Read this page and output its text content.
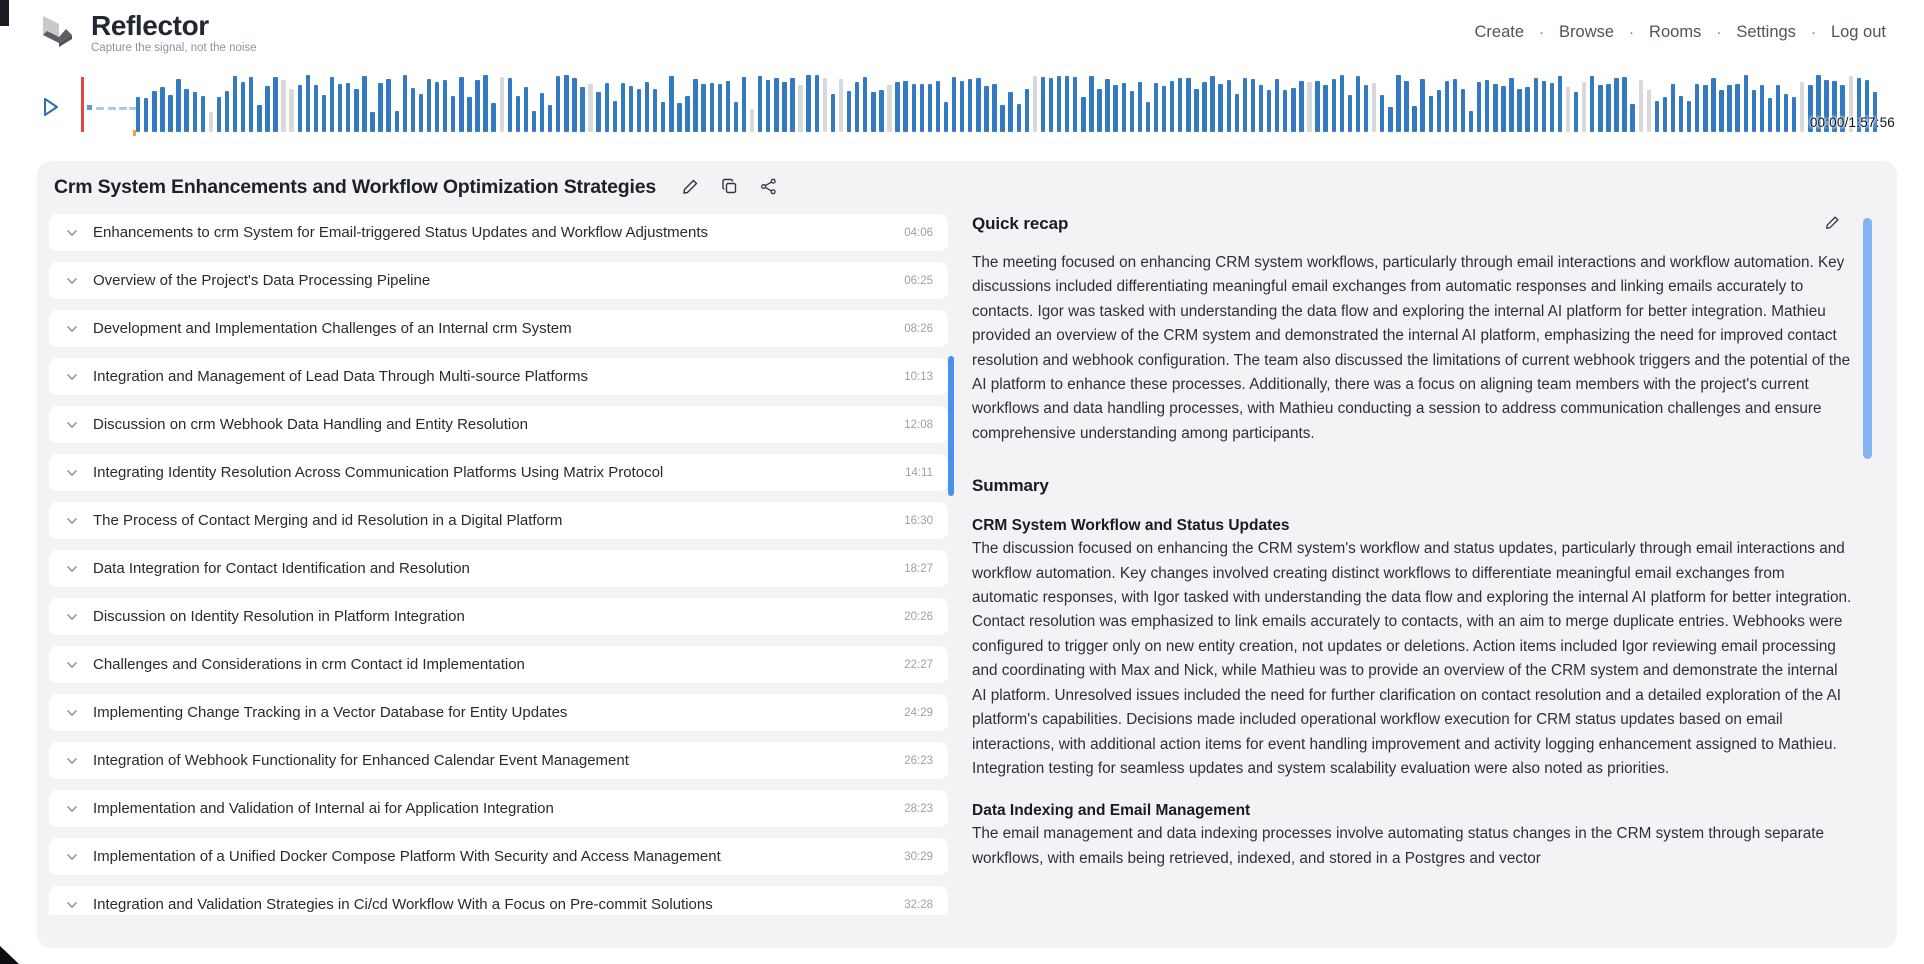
Reflector
Capture the signal, not the noise
Create · Browse · Rooms · Settings · Log out
00:00/1:57:56
Crm System Enhancements and Workflow Optimization Strategies
Enhancements to crm System for Email-triggered Status Updates and Workflow Adjustments	04:06
Overview of the Project's Data Processing Pipeline	06:25
Development and Implementation Challenges of an Internal crm System	08:26
Integration and Management of Lead Data Through Multi-source Platforms	10:13
Discussion on crm Webhook Data Handling and Entity Resolution	12:08
Integrating Identity Resolution Across Communication Platforms Using Matrix Protocol	14:11
The Process of Contact Merging and id Resolution in a Digital Platform	16:30
Data Integration for Contact Identification and Resolution	18:27
Discussion on Identity Resolution in Platform Integration	20:26
Challenges and Considerations in crm Contact id Implementation	22:27
Implementing Change Tracking in a Vector Database for Entity Updates	24:29
Integration of Webhook Functionality for Enhanced Calendar Event Management	26:23
Implementation and Validation of Internal ai for Application Integration	28:23
Implementation of a Unified Docker Compose Platform With Security and Access Management	30:29
Integration and Validation Strategies in Ci/cd Workflow With a Focus on Pre-commit Solutions	32:28
Quick recap

The meeting focused on enhancing CRM system workflows, particularly through email interactions and workflow automation. Key discussions included differentiating meaningful email exchanges from automatic responses and linking emails accurately to contacts. Igor was tasked with understanding the data flow and exploring the internal AI platform for better integration. Mathieu provided an overview of the CRM system and demonstrated the internal AI platform, emphasizing the need for improved contact resolution and webhook configuration. The team also discussed the limitations of current webhook triggers and the potential of the AI platform to enhance these processes. Additionally, there was a focus on aligning team members with the project's current workflows and data handling processes, with Mathieu conducting a session to address communication challenges and ensure comprehensive understanding among participants.

Summary
CRM System Workflow and Status Updates

The discussion focused on enhancing the CRM system's workflow and status updates, particularly through email interactions and workflow automation. Key changes involved creating distinct workflows to differentiate meaningful email exchanges from automatic responses, with Igor tasked with understanding the data flow and exploring the internal AI platform for better integration. Contact resolution was emphasized to link emails accurately to contacts, with an aim to merge duplicate entries. Webhooks were configured to trigger only on new entity creation, not updates or deletions. Action items included Igor reviewing email processing and coordinating with Max and Nick, while Mathieu was to provide an overview of the CRM system and demonstrate the internal AI platform. Unresolved issues included the need for further clarification on contact resolution and a detailed exploration of the AI platform's capabilities. Decisions made included operational workflow execution for CRM status updates based on email interactions, with additional action items for event handling improvement and activity logging enhancement assigned to Mathieu. Integration testing for seamless updates and system scalability evaluation were also noted as priorities.

Data Indexing and Email Management

The email management and data indexing processes involve automating status changes in the CRM system through separate workflows, with emails being retrieved, indexed, and stored in a Postgres and vector
